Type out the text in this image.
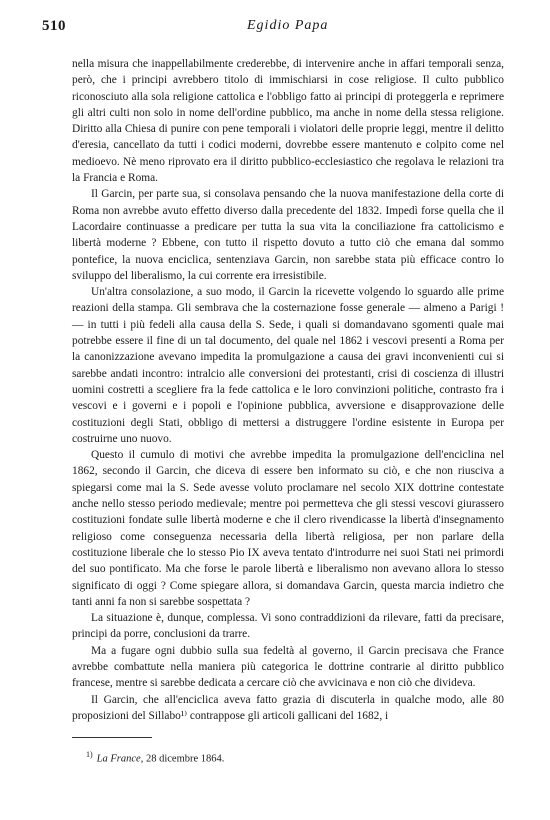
510	Egidio Papa

nella misura che inappellabilmente crederebbe, di intervenire anche in affari temporali senza, però, che i principi avrebbero titolo di immischiarsi in cose religiose. Il culto pubblico riconosciuto alla sola religione cattolica e l'obbligo fatto ai principi di proteggerla e reprimere gli altri culti non solo in nome dell'ordine pubblico, ma anche in nome della stessa religione. Diritto alla Chiesa di punire con pene temporali i violatori delle proprie leggi, mentre il delitto d'eresia, cancellato da tutti i codici moderni, dovrebbe essere mantenuto e colpito come nel medioevo. Nè meno riprovato era il diritto pubblico-ecclesiastico che regolava le relazioni tra la Francia e Roma.

Il Garcin, per parte sua, si consolava pensando che la nuova manifestazione della corte di Roma non avrebbe avuto effetto diverso dalla precedente del 1832. Impedì forse quella che il Lacordaire continuasse a predicare per tutta la sua vita la conciliazione fra cattolicismo e libertà moderne ? Ebbene, con tutto il rispetto dovuto a tutto ciò che emana dal sommo pontefice, la nuova enciclica, sentenziava Garcin, non sarebbe stata più efficace contro lo sviluppo del liberalismo, la cui corrente era irresistibile.

Un'altra consolazione, a suo modo, il Garcin la ricevette volgendo lo sguardo alle prime reazioni della stampa. Gli sembrava che la costernazione fosse generale — almeno a Parigi ! — in tutti i più fedeli alla causa della S. Sede, i quali si domandavano sgomenti quale mai potrebbe essere il fine di un tal documento, del quale nel 1862 i vescovi presenti a Roma per la canonizzazione avevano impedita la promulgazione a causa dei gravi inconvenienti cui si sarebbe andati incontro: intralcio alle conversioni dei protestanti, crisi di coscienza di illustri uomini costretti a scegliere fra la fede cattolica e le loro convinzioni politiche, contrasto fra i vescovi e i governi e i popoli e l'opinione pubblica, avversione e disapprovazione delle costituzioni degli Stati, obbligo di mettersi a distruggere l'ordine esistente in Europa per costruirne uno nuovo.

Questo il cumulo di motivi che avrebbe impedita la promulgazione dell'enciclina nel 1862, secondo il Garcin, che diceva di essere ben informato su ciò, e che non riusciva a spiegarsi come mai la S. Sede avesse voluto proclamare nel secolo XIX dottrine contestate anche nello stesso periodo medievale; mentre poi permetteva che gli stessi vescovi giurassero costituzioni fondate sulle libertà moderne e che il clero rivendicasse la libertà d'insegnamento religioso come conseguenza necessaria della libertà religiosa, per non parlare della costituzione liberale che lo stesso Pio IX aveva tentato d'introdurre nei suoi Stati nei primordi del suo pontificato. Ma che forse le parole libertà e liberalismo non avevano allora lo stesso significato di oggi ? Come spiegare allora, si domandava Garcin, questa marcia indietro che tanti anni fa non si sarebbe sospettata ?

La situazione è, dunque, complessa. Vi sono contraddizioni da rilevare, fatti da precisare, principi da porre, conclusioni da trarre.

Ma a fugare ogni dubbio sulla sua fedeltà al governo, il Garcin precisava che France avrebbe combattute nella maniera più categorica le dottrine contrarie al diritto pubblico francese, mentre si sarebbe dedicata a cercare ciò che avvicinava e non ciò che divideva.

Il Garcin, che all'enciclica aveva fatto grazia di discuterla in qualche modo, alle 80 proposizioni del Sillabo¹⁾ contrappose gli articoli gallicani del 1682, i

$^{1)}$ La France, 28 dicembre 1864.
